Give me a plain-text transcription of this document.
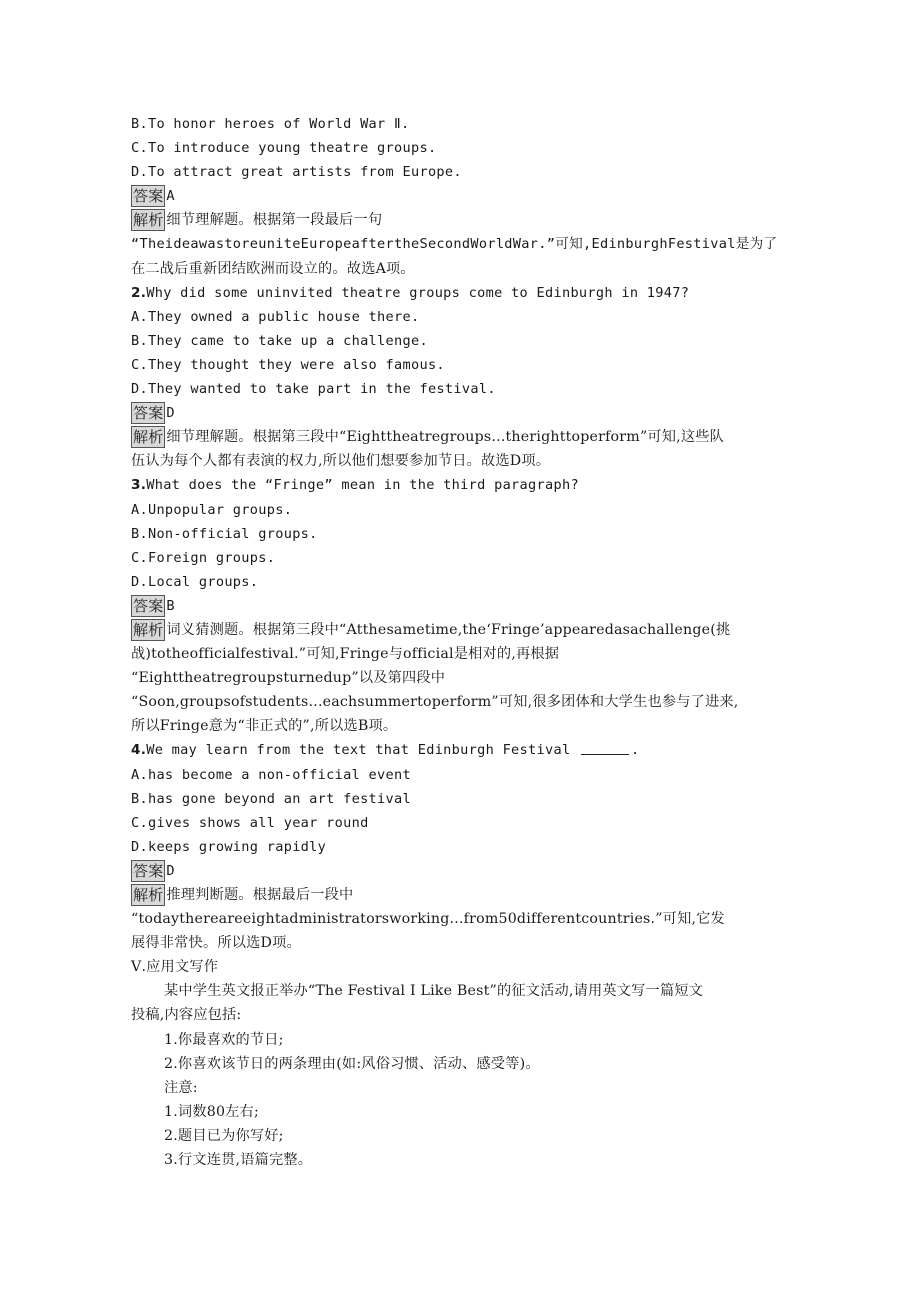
B.To honor heroes of World War Ⅱ.
C.To introduce young theatre groups.
D.To attract great artists from Europe.
答案 A
解析 细节理解题。根据第一段最后一句
“TheideawastoreuniteEuropeaftertheSecondWorldWar.”可知,EdinburghFestival是为了
在二战后重新团结欧洲而设立的。故选A项。
2.Why did some uninvited theatre groups come to Edinburgh in 1947?
A.They owned a public house there.
B.They came to take up a challenge.
C.They thought they were also famous.
D.They wanted to take part in the festival.
答案 D
解析 细节理解题。根据第三段中“Eighttheatregroups...therighttoperform”可知,这些队
伍认为每个人都有表演的权力,所以他们想要参加节日。故选D项。
3.What does the “Fringe” mean in the third paragraph?
A.Unpopular groups.
B.Non-official groups.
C.Foreign groups.
D.Local groups.
答案 B
解析 词义猜测题。根据第三段中“Atthesametime,the‘Fringe’appearedasachallenge(挑
战)totheofficialfestival.”可知,Fringe与official是相对的,再根据
“Eighttheatregroupsturnedup”以及第四段中
“Soon,groupsofstudents...eachsummertoperform”可知,很多团体和大学生也参与了进来,
所以Fringe意为“非正式的”,所以选B项。
4.We may learn from the text that Edinburgh Festival	.
A.has become a non-official event
B.has gone beyond an art festival
C.gives shows all year round
D.keeps growing rapidly
答案 D
解析 推理判断题。根据最后一段中
“todaythereareeightadministratorsworking...from50differentcountries.”可知,它发
展得非常快。所以选D项。
Ⅴ.应用文写作
某中学生英文报正举办“The Festival I Like Best”的征文活动,请用英文写一篇短文
投稿,内容应包括:
1.你最喜欢的节日;
2.你喜欢该节日的两条理由(如:风俗习惯、活动、感受等)。
注意:
1.词数80左右;
2.题目已为你写好;
3.行文连贯,语篇完整。
